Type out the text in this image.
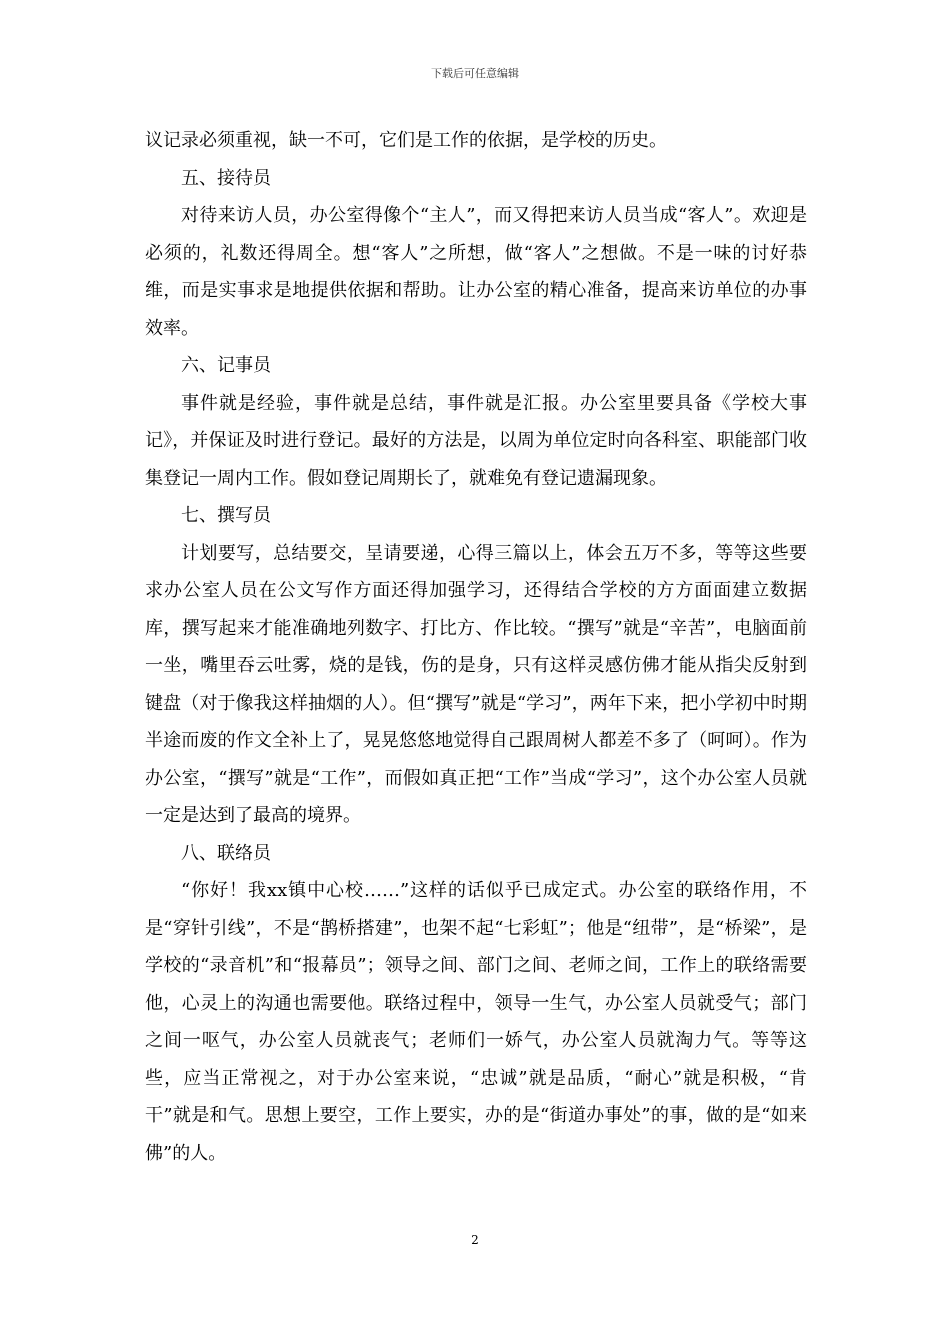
下载后可任意编辑

议记录必须重视，缺一不可，它们是工作的依据，是学校的历史。

五、接待员

对待来访人员，办公室得像个“主人”，而又得把来访人员当成“客人”。欢迎是必须的，礼数还得周全。想“客人”之所想，做“客人”之想做。不是一味的讨好恭维，而是实事求是地提供依据和帮助。让办公室的精心准备，提高来访单位的办事效率。

六、记事员

事件就是经验，事件就是总结，事件就是汇报。办公室里要具备《学校大事记》，并保证及时进行登记。最好的方法是，以周为单位定时向各科室、职能部门收集登记一周内工作。假如登记周期长了，就难免有登记遗漏现象。

七、撰写员

计划要写，总结要交，呈请要递，心得三篇以上，体会五万不多，等等这些要求办公室人员在公文写作方面还得加强学习，还得结合学校的方方面面建立数据库，撰写起来才能准确地列数字、打比方、作比较。“撰写”就是“辛苦”，电脑面前一坐，嘴里吞云吐雾，烧的是钱，伤的是身，只有这样灵感仿佛才能从指尖反射到键盘（对于像我这样抽烟的人）。但“撰写”就是“学习”，两年下来，把小学初中时期半途而废的作文全补上了，晃晃悠悠地觉得自己跟周树人都差不多了（呵呵）。作为办公室，“撰写”就是“工作”，而假如真正把“工作”当成“学习”，这个办公室人员就一定是达到了最高的境界。

八、联络员

“你好！我xx镇中心校……”这样的话似乎已成定式。办公室的联络作用，不是“穿针引线”，不是“鹊桥搭建”，也架不起“七彩虹”；他是“纽带”，是“桥梁”，是学校的“录音机”和“报幕员”；领导之间、部门之间、老师之间，工作上的联络需要他，心灵上的沟通也需要他。联络过程中，领导一生气，办公室人员就受气；部门之间一呕气，办公室人员就丧气；老师们一娇气，办公室人员就淘力气。等等这些，应当正常视之，对于办公室来说，“忠诚”就是品质，“耐心”就是积极，“肯干”就是和气。思想上要空，工作上要实，办的是“街道办事处”的事，做的是“如来佛”的人。

2
